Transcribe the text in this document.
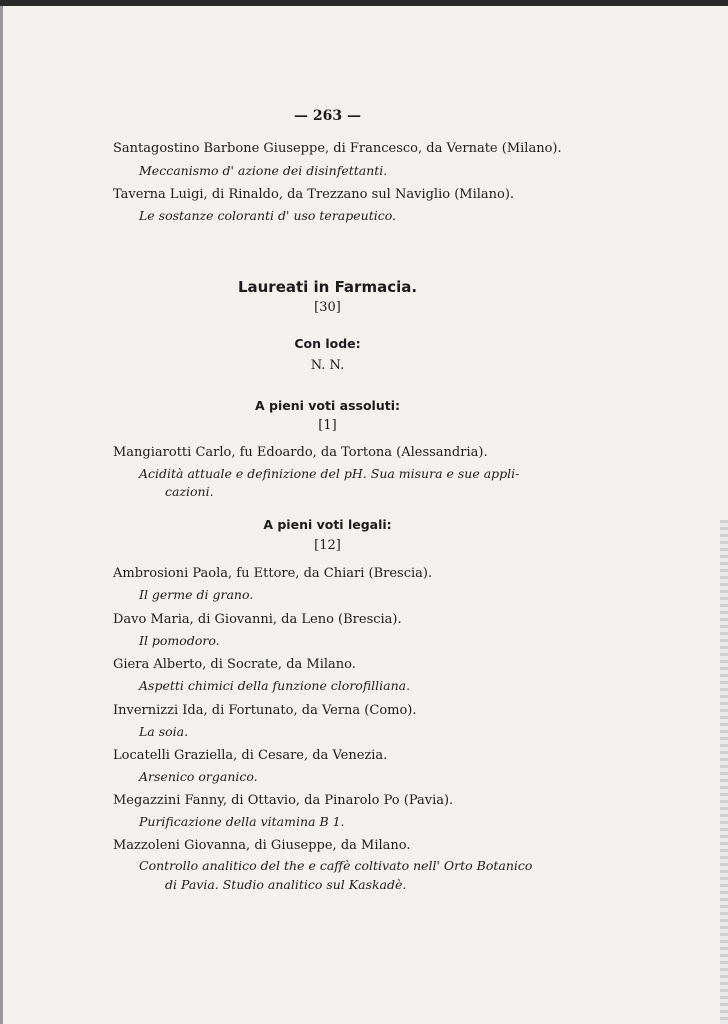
— 263 —
Santagostino Barbone Giuseppe, di Francesco, da Vernate (Milano).
Meccanismo d' azione dei disinfettanti.
Taverna Luigi, di Rinaldo, da Trezzano sul Naviglio (Milano).
Le sostanze coloranti d' uso terapeutico.
Laureati in Farmacia.
[30]
Con lode:
N. N.
A pieni voti assoluti:
[1]
Mangiarotti Carlo, fu Edoardo, da Tortona (Alessandria).
Acidità attuale e definizione del pH. Sua misura e sue appli-
cazioni.
A pieni voti legali:
[12]
Ambrosioni Paola, fu Ettore, da Chiari (Brescia).
Il germe di grano.
Davo Maria, di Giovanni, da Leno (Brescia).
Il pomodoro.
Giera Alberto, di Socrate, da Milano.
Aspetti chimici della funzione clorofilliana.
Invernizzi Ida, di Fortunato, da Verna (Como).
La soia.
Locatelli Graziella, di Cesare, da Venezia.
Arsenico organico.
Megazzini Fanny, di Ottavio, da Pinarolo Po (Pavia).
Purificazione della vitamina B 1.
Mazzoleni Giovanna, di Giuseppe, da Milano.
Controllo analitico del the e caffè coltivato nell' Orto Botanico
di Pavia. Studio analitico sul Kaskadè.
